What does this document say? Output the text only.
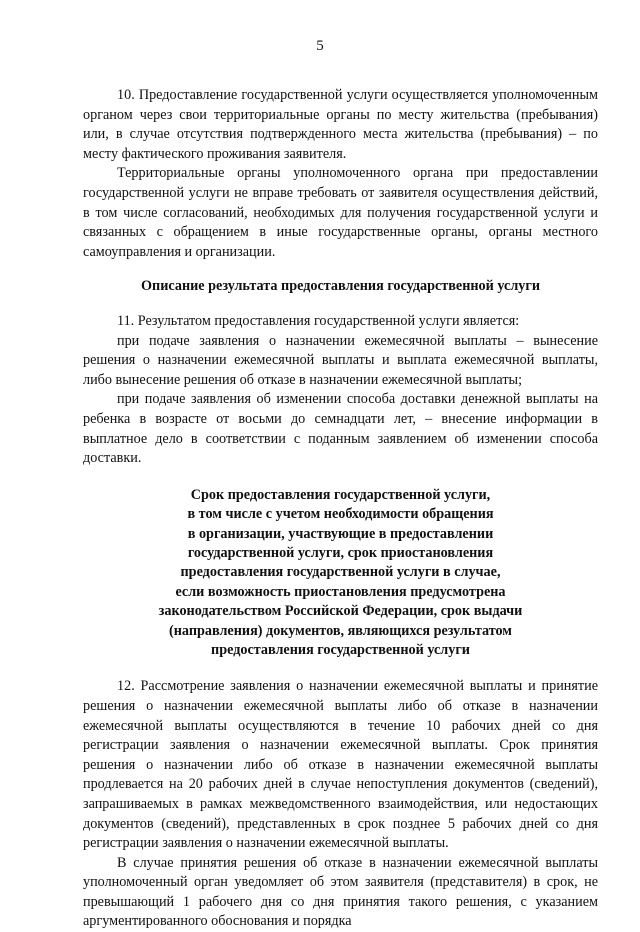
5

10. Предоставление государственной услуги осуществляется уполномоченным органом через свои территориальные органы по месту жительства (пребывания) или, в случае отсутствия подтвержденного места жительства (пребывания) – по месту фактического проживания заявителя.

Территориальные органы уполномоченного органа при предоставлении государственной услуги не вправе требовать от заявителя осуществления действий, в том числе согласований, необходимых для получения государственной услуги и связанных с обращением в иные государственные органы, органы местного самоуправления и организации.

Описание результата предоставления государственной услуги

11. Результатом предоставления государственной услуги является:

при подаче заявления о назначении ежемесячной выплаты – вынесение решения о назначении ежемесячной выплаты и выплата ежемесячной выплаты, либо вынесение решения об отказе в назначении ежемесячной выплаты;

при подаче заявления об изменении способа доставки денежной выплаты на ребенка в возрасте от восьми до семнадцати лет, – внесение информации в выплатное дело в соответствии с поданным заявлением об изменении способа доставки.

Срок предоставления государственной услуги,
в том числе с учетом необходимости обращения
в организации, участвующие в предоставлении
государственной услуги, срок приостановления
предоставления государственной услуги в случае,
если возможность приостановления предусмотрена
законодательством Российской Федерации, срок выдачи
(направления) документов, являющихся результатом
предоставления государственной услуги

12. Рассмотрение заявления о назначении ежемесячной выплаты и принятие решения о назначении ежемесячной выплаты либо об отказе в назначении ежемесячной выплаты осуществляются в течение 10 рабочих дней со дня регистрации заявления о назначении ежемесячной выплаты. Срок принятия решения о назначении либо об отказе в назначении ежемесячной выплаты продлевается на 20 рабочих дней в случае непоступления документов (сведений), запрашиваемых в рамках межведомственного взаимодействия, или недостающих документов (сведений), представленных в срок позднее 5 рабочих дней со дня регистрации заявления о назначении ежемесячной выплаты.

В случае принятия решения об отказе в назначении ежемесячной выплаты уполномоченный орган уведомляет об этом заявителя (представителя) в срок, не превышающий 1 рабочего дня со дня принятия такого решения, с указанием аргументированного обоснования и порядка
